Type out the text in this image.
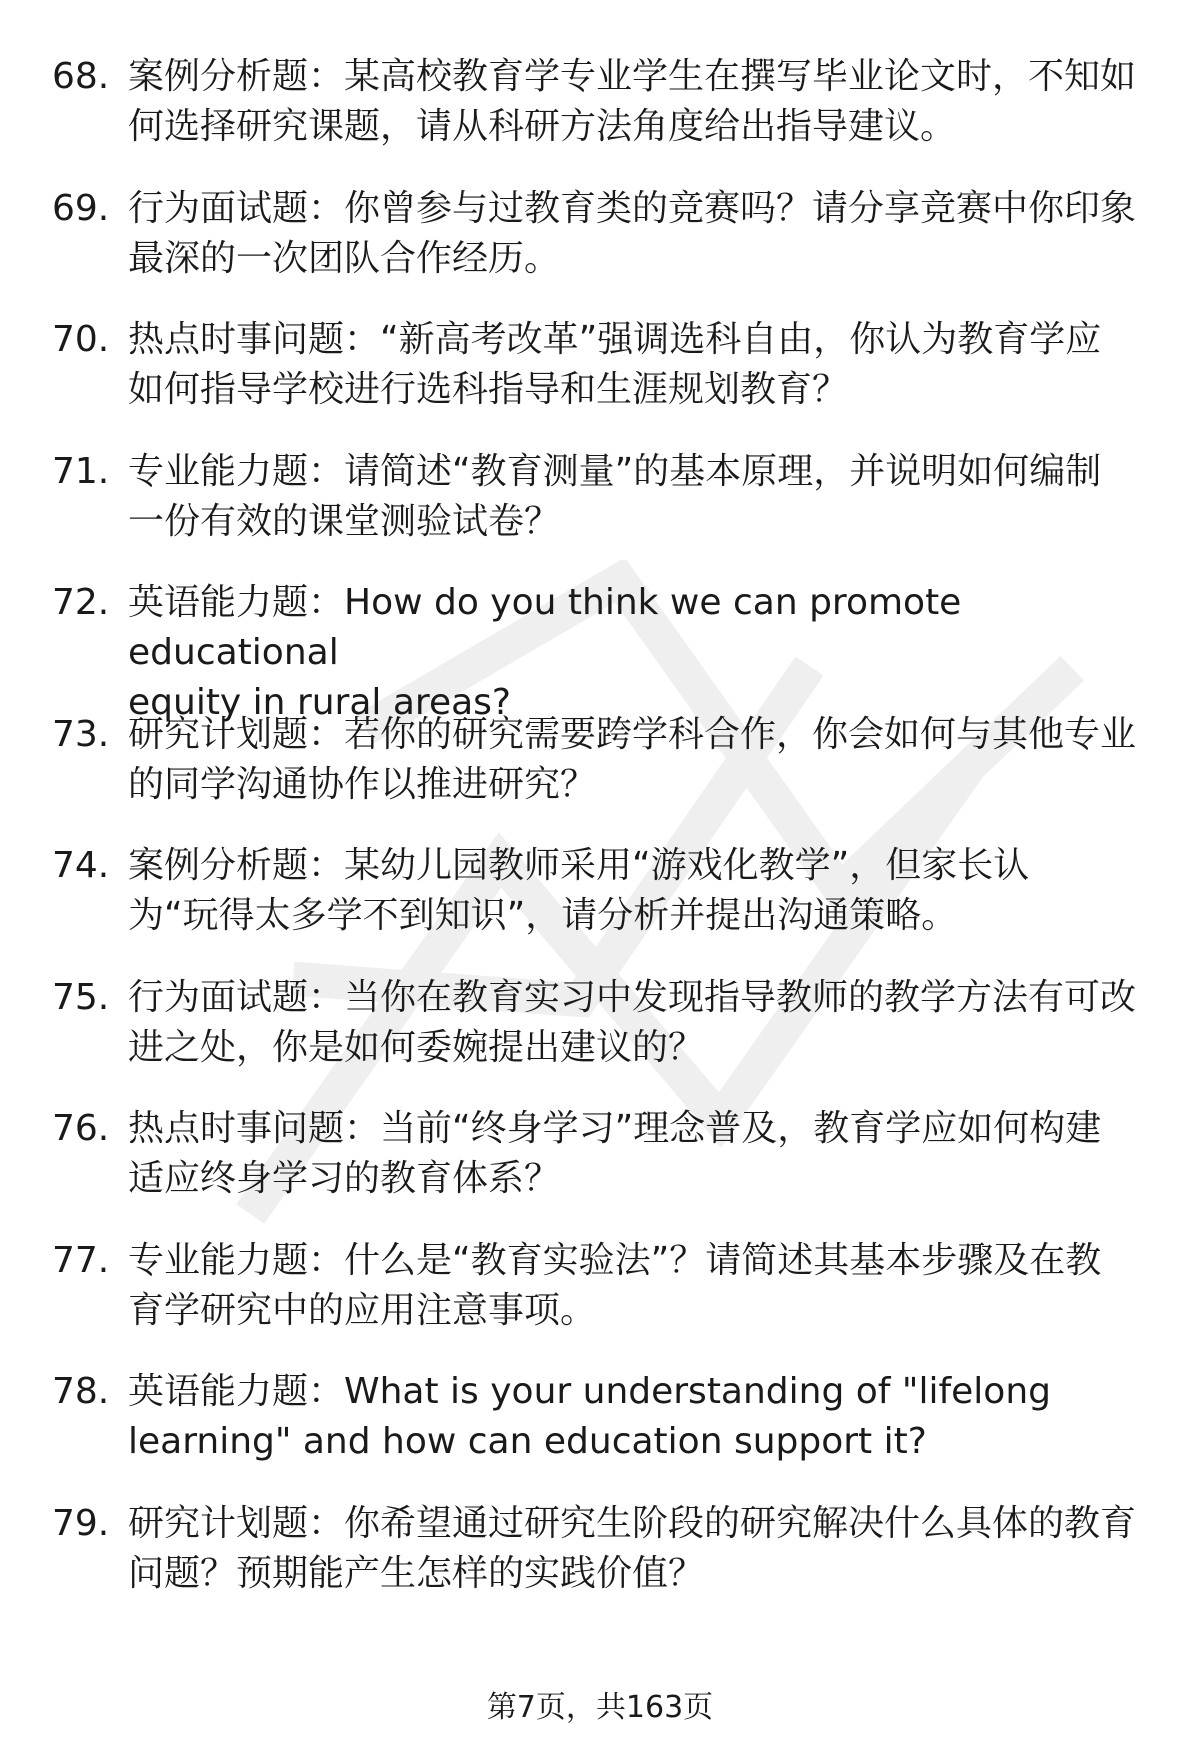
68. 案例分析题：某高校教育学专业学生在撰写毕业论文时，不知如
何选择研究课题，请从科研方法角度给出指导建议。
69. 行为面试题：你曾参与过教育类的竞赛吗？请分享竞赛中你印象
最深的一次团队合作经历。
70. 热点时事问题：“新高考改革”强调选科自由，你认为教育学应
如何指导学校进行选科指导和生涯规划教育？
71. 专业能力题：请简述“教育测量”的基本原理，并说明如何编制
一份有效的课堂测验试卷？
72. 英语能力题：How do you think we can promote educational
equity in rural areas?
73. 研究计划题：若你的研究需要跨学科合作，你会如何与其他专业
的同学沟通协作以推进研究？
74. 案例分析题：某幼儿园教师采用“游戏化教学”，但家长认
为“玩得太多学不到知识”，请分析并提出沟通策略。
75. 行为面试题：当你在教育实习中发现指导教师的教学方法有可改
进之处，你是如何委婉提出建议的？
76. 热点时事问题：当前“终身学习”理念普及，教育学应如何构建
适应终身学习的教育体系？
77. 专业能力题：什么是“教育实验法”？请简述其基本步骤及在教
育学研究中的应用注意事项。
78. 英语能力题：What is your understanding of "lifelong
learning" and how can education support it?
79. 研究计划题：你希望通过研究生阶段的研究解决什么具体的教育
问题？预期能产生怎样的实践价值？
第7页，共163页
